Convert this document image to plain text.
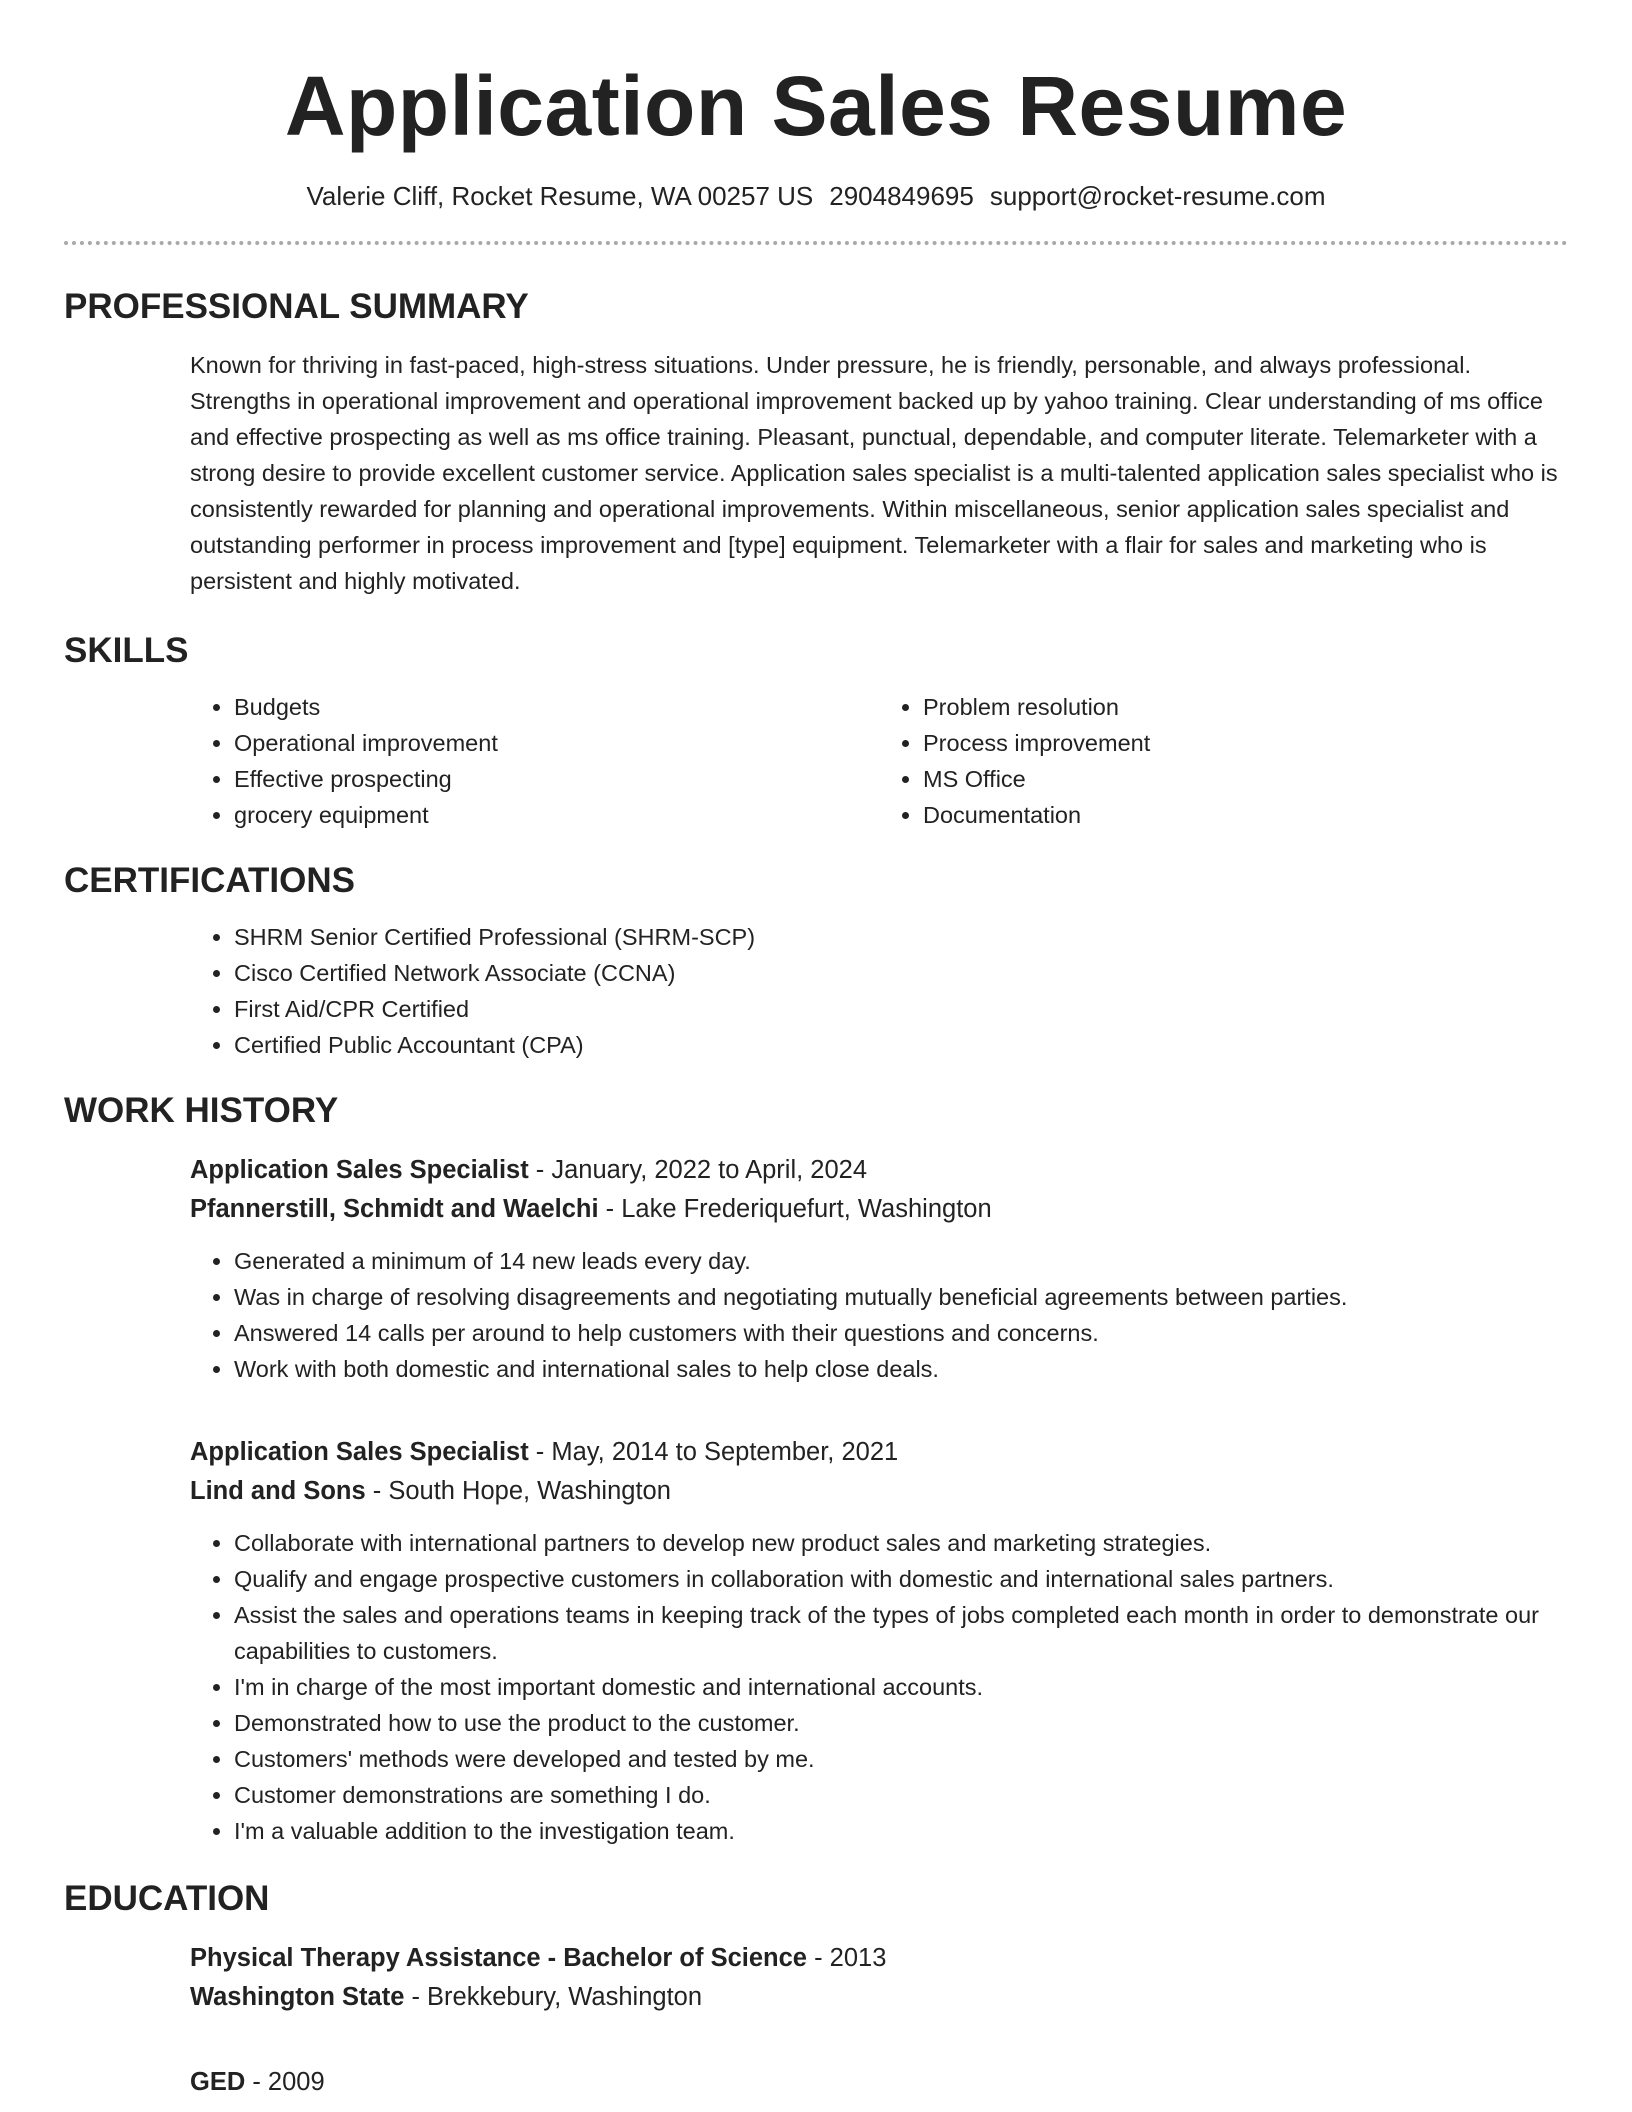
Application Sales Resume
Valerie Cliff, Rocket Resume, WA 00257 US 2904849695 support@rocket-resume.com
PROFESSIONAL SUMMARY

Known for thriving in fast-paced, high-stress situations. Under pressure, he is friendly, personable, and always professional. Strengths in operational improvement and operational improvement backed up by yahoo training. Clear understanding of ms office and effective prospecting as well as ms office training. Pleasant, punctual, dependable, and computer literate. Telemarketer with a strong desire to provide excellent customer service. Application sales specialist is a multi-talented application sales specialist who is consistently rewarded for planning and operational improvements. Within miscellaneous, senior application sales specialist and outstanding performer in process improvement and [type] equipment. Telemarketer with a flair for sales and marketing who is persistent and highly motivated.

SKILLS
• Budgets
• Operational improvement
• Effective prospecting
• grocery equipment
• Problem resolution
• Process improvement
• MS Office
• Documentation
CERTIFICATIONS
• SHRM Senior Certified Professional (SHRM-SCP)
• Cisco Certified Network Associate (CCNA)
• First Aid/CPR Certified
• Certified Public Accountant (CPA)
WORK HISTORY
Application Sales Specialist - January, 2022 to April, 2024
Pfannerstill, Schmidt and Waelchi - Lake Frederiquefurt, Washington
• Generated a minimum of 14 new leads every day.
• Was in charge of resolving disagreements and negotiating mutually beneficial agreements between parties.
• Answered 14 calls per around to help customers with their questions and concerns.
• Work with both domestic and international sales to help close deals.
Application Sales Specialist - May, 2014 to September, 2021
Lind and Sons - South Hope, Washington
• Collaborate with international partners to develop new product sales and marketing strategies.
• Qualify and engage prospective customers in collaboration with domestic and international sales partners.
• Assist the sales and operations teams in keeping track of the types of jobs completed each month in order to demonstrate our capabilities to customers.
• I'm in charge of the most important domestic and international accounts.
• Demonstrated how to use the product to the customer.
• Customers' methods were developed and tested by me.
• Customer demonstrations are something I do.
• I'm a valuable addition to the investigation team.
EDUCATION
Physical Therapy Assistance - Bachelor of Science - 2013
Washington State - Brekkebury, Washington
GED - 2009
